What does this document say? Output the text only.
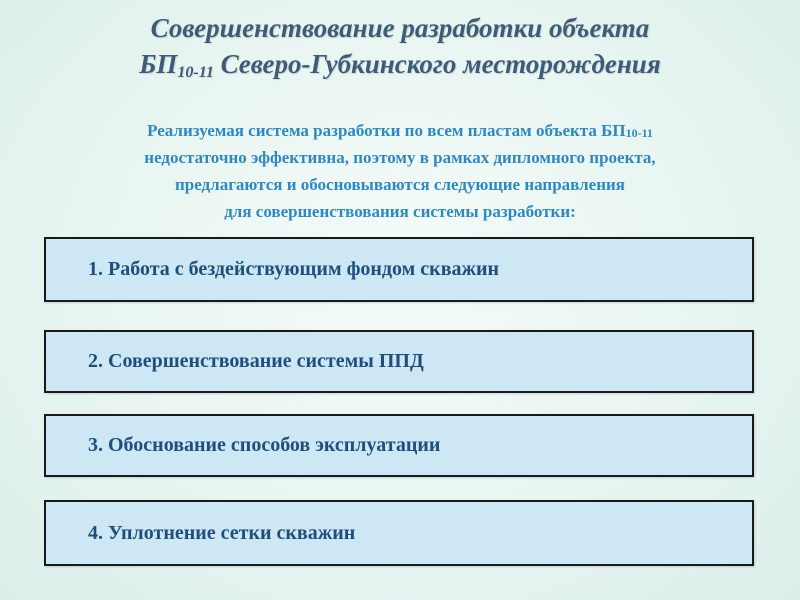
Совершенствование разработки объекта
$БП_{10-11}$ Северо-Губкинского месторождения

Реализуемая система разработки по всем пластам объекта $БП_{10-11}$
недостаточно эффективна, поэтому в рамках дипломного проекта,
предлагаются и обосновываются следующие направления
для совершенствования системы разработки:

1. Работа с бездействующим фондом скважин
2. Совершенствование системы ППД
3. Обоснование способов эксплуатации
4. Уплотнение сетки скважин
